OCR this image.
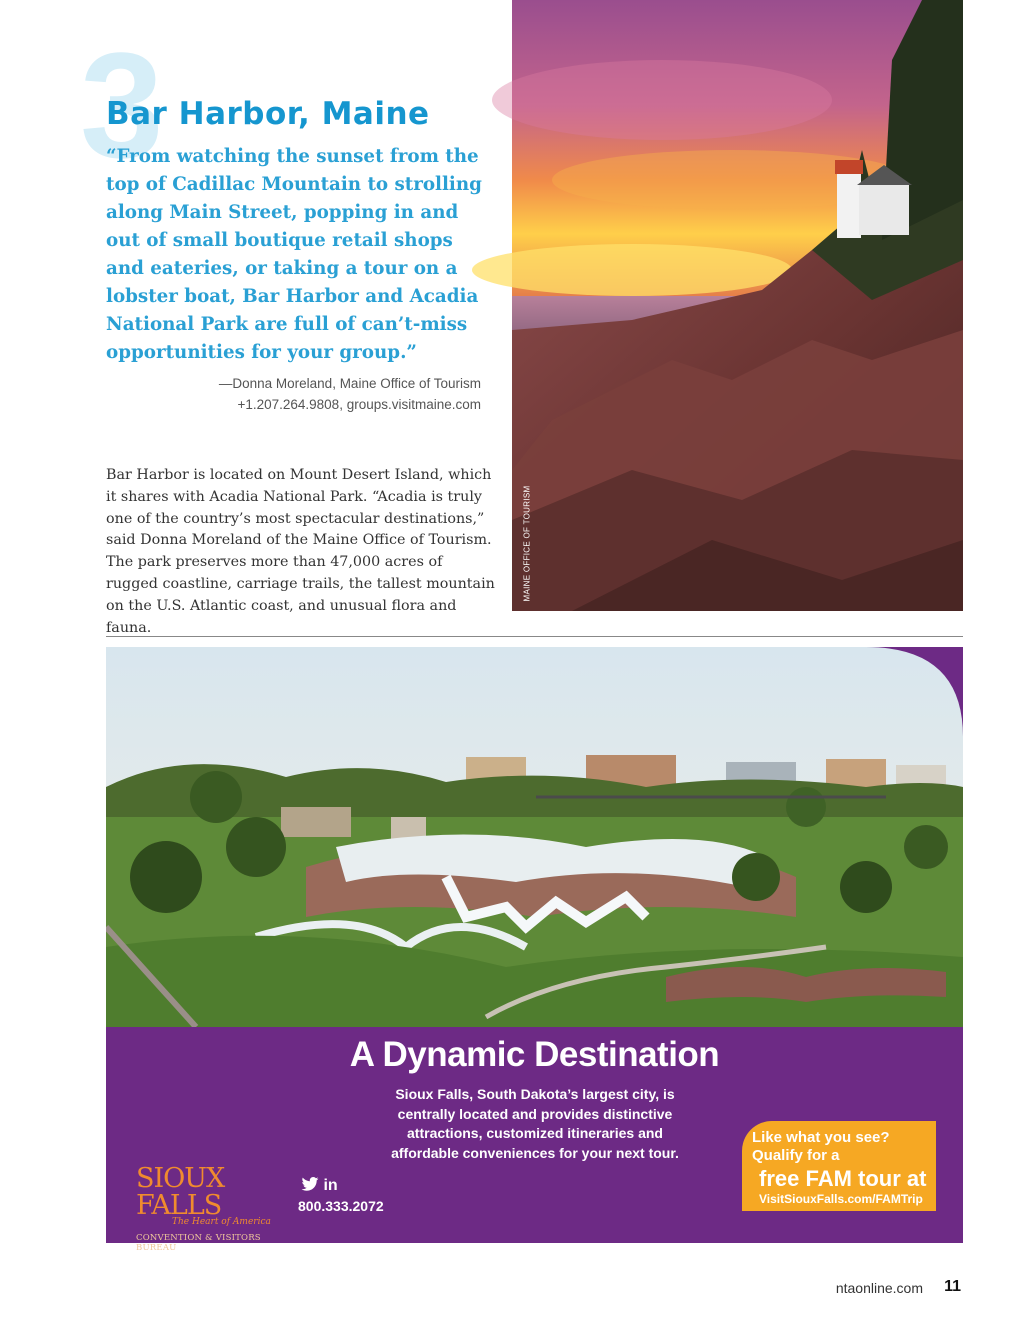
3
Bar Harbor, Maine

“From watching the sunset from the top of Cadillac Mountain to strolling along Main Street, popping in and out of small boutique retail shops and eateries, or taking a tour on a lobster boat, Bar Harbor and Acadia National Park are full of can’t-miss opportunities for your group.”

—Donna Moreland, Maine Office of Tourism
+1.207.264.9808, groups.visitmaine.com

Bar Harbor is located on Mount Desert Island, which it shares with Acadia National Park. “Acadia is truly one of the country’s most spectacular destinations,” said Donna Moreland of the Maine Office of Tourism. The park preserves more than 47,000 acres of rugged coastline, carriage trails, the tallest mountain on the U.S. Atlantic coast, and unusual flora and fauna.

MAINE OFFICE OF TOURISM
A Dynamic Destination
Sioux Falls, South Dakota’s largest city, is centrally located and provides distinctive attractions, customized itineraries and affordable conveniences for your next tour.
SIOUX FALLS
The Heart of America
CONVENTION & VISITORS BUREAU
in
800.333.2072
Like what you see?
Qualify for a
free FAM tour at
VisitSiouxFalls.com/FAMTrip
ntaonline.com 11
